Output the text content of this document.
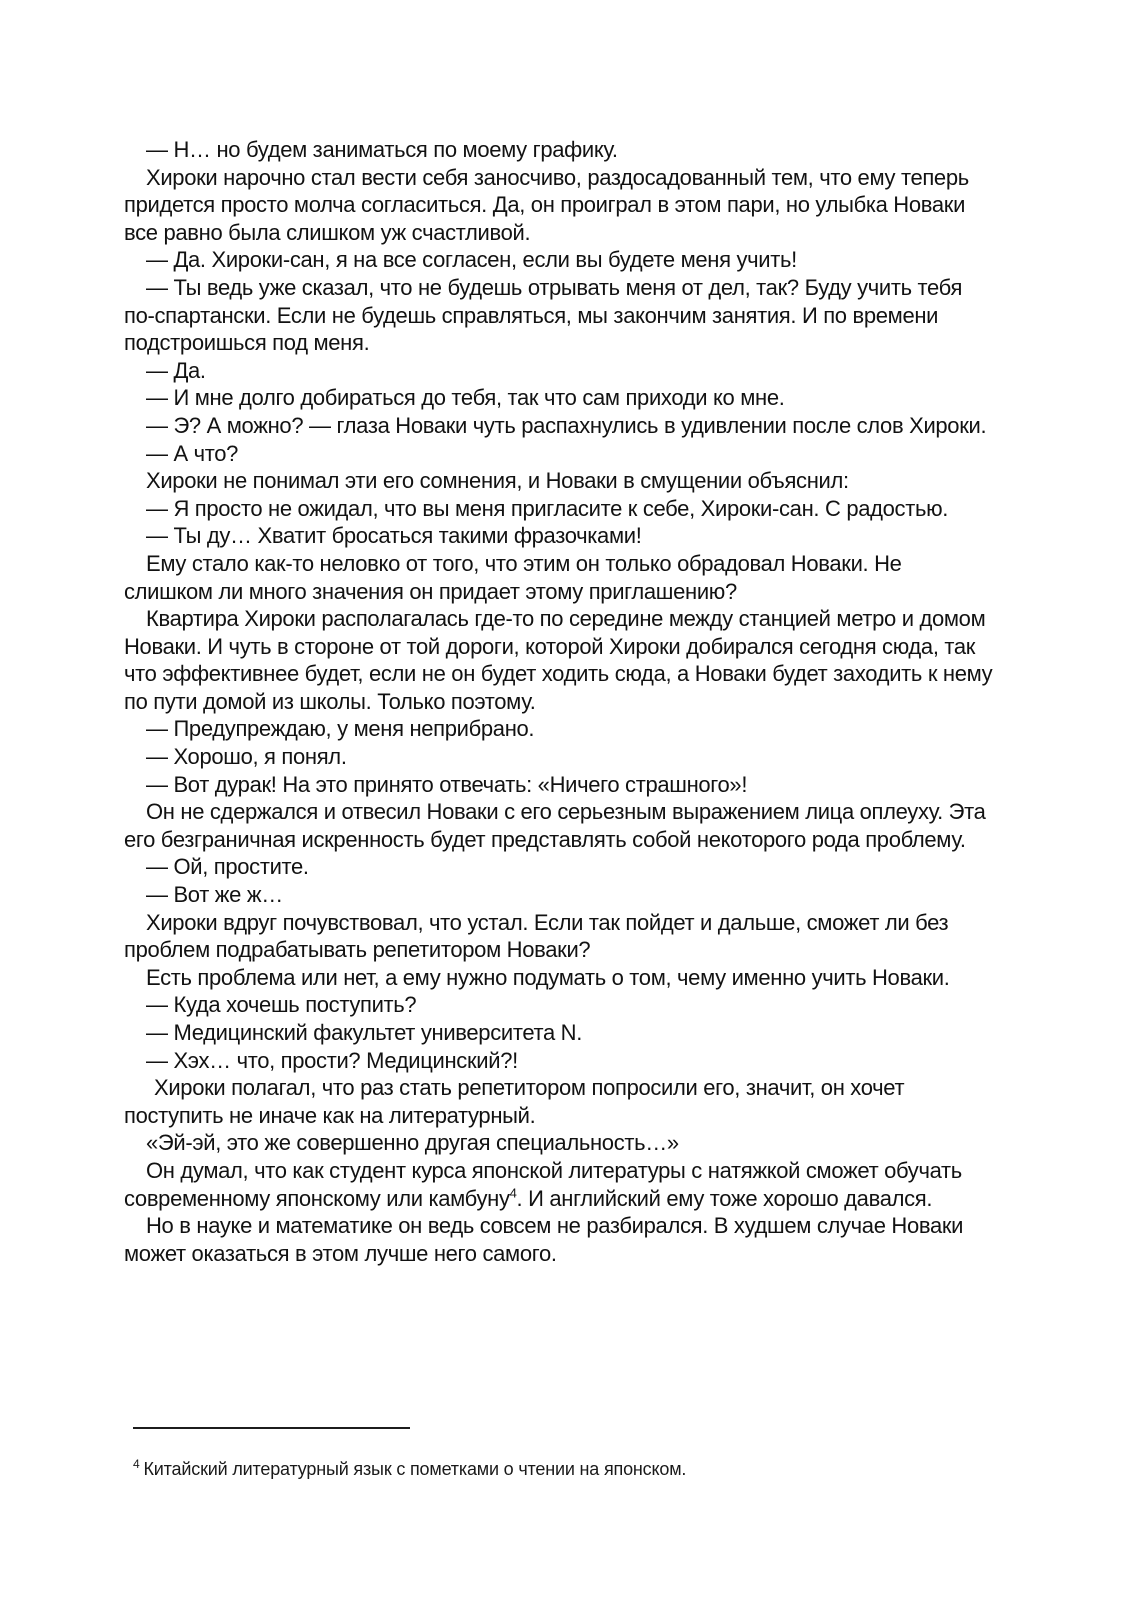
— Н… но будем заниматься по моему графику.

Хироки нарочно стал вести себя заносчиво, раздосадованный тем, что ему теперь придется просто молча согласиться. Да, он проиграл в этом пари, но улыбка Новаки все равно была слишком уж счастливой.

— Да. Хироки-сан, я на все согласен, если вы будете меня учить!

— Ты ведь уже сказал, что не будешь отрывать меня от дел, так? Буду учить тебя по-спартански. Если не будешь справляться, мы закончим занятия. И по времени подстроишься под меня.

— Да.

— И мне долго добираться до тебя, так что сам приходи ко мне.

— Э? А можно? — глаза Новаки чуть распахнулись в удивлении после слов Хироки.

— А что?

Хироки не понимал эти его сомнения, и Новаки в смущении объяснил:

— Я просто не ожидал, что вы меня пригласите к себе, Хироки-сан. С радостью.

— Ты ду… Хватит бросаться такими фразочками!

Ему стало как-то неловко от того, что этим он только обрадовал Новаки. Не слишком ли много значения он придает этому приглашению?

Квартира Хироки располагалась где-то по середине между станцией метро и домом Новаки. И чуть в стороне от той дороги, которой Хироки добирался сегодня сюда, так что эффективнее будет, если не он будет ходить сюда, а Новаки будет заходить к нему по пути домой из школы. Только поэтому.

— Предупреждаю, у меня неприбрано.

— Хорошо, я понял.

— Вот дурак! На это принято отвечать: «Ничего страшного»!

Он не сдержался и отвесил Новаки с его серьезным выражением лица оплеуху. Эта его безграничная искренность будет представлять собой некоторого рода проблему.

— Ой, простите.

— Вот же ж…

Хироки вдруг почувствовал, что устал. Если так пойдет и дальше, сможет ли без проблем подрабатывать репетитором Новаки?

Есть проблема или нет, а ему нужно подумать о том, чему именно учить Новаки.

— Куда хочешь поступить?

— Медицинский факультет университета N.

— Хэх… что, прости? Медицинский?!

Хироки полагал, что раз стать репетитором попросили его, значит, он хочет поступить не иначе как на литературный.

«Эй-эй, это же совершенно другая специальность…»

Он думал, что как студент курса японской литературы с натяжкой сможет обучать современному японскому или камбуну$^4$. И английский ему тоже хорошо давался.

Но в науке и математике он ведь совсем не разбирался. В худшем случае Новаки может оказаться в этом лучше него самого.

$^4$ Китайский литературный язык с пометками о чтении на японском.
